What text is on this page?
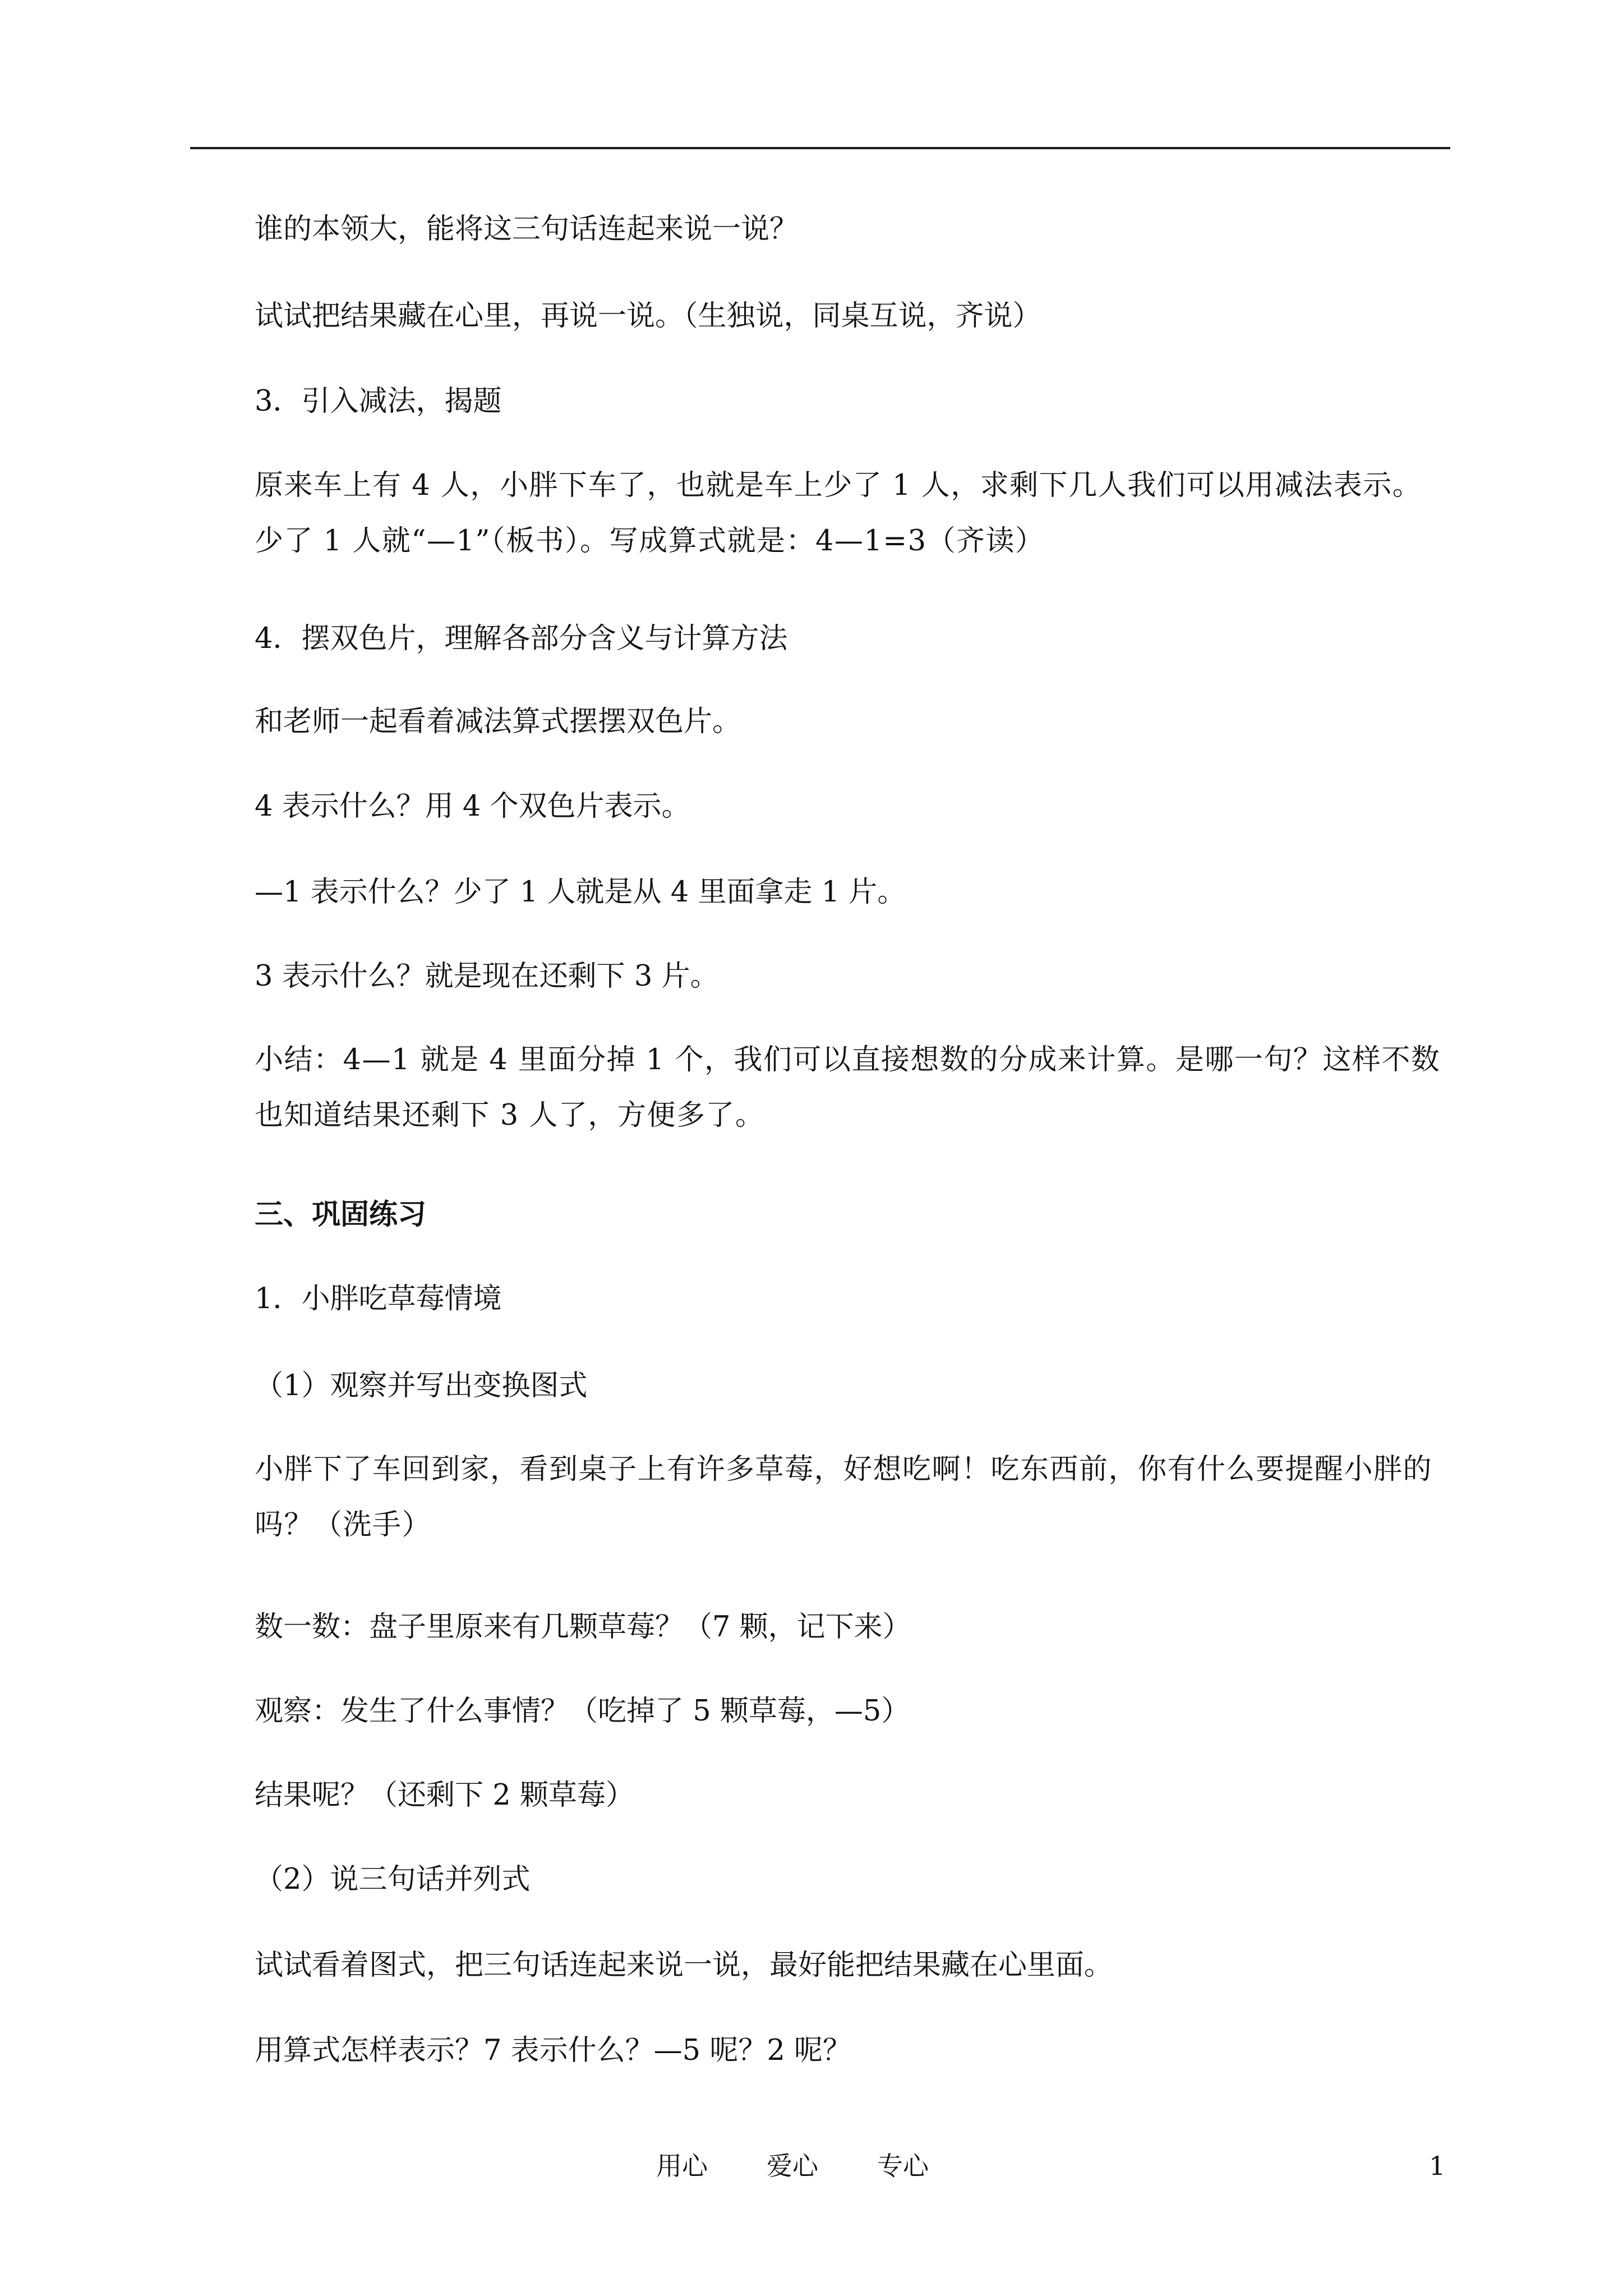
谁的本领大，能将这三句话连起来说一说？
试试把结果藏在心里，再说一说。（生独说，同桌互说，齐说）
3．引入减法，揭题
原来车上有 4 人，小胖下车了，也就是车上少了 1 人，求剩下几人我们可以用减法表示。少了 1 人就“—1”（板书）。写成算式就是：4—1=3（齐读）
4．摆双色片，理解各部分含义与计算方法
和老师一起看着减法算式摆摆双色片。
4 表示什么？用 4 个双色片表示。
—1 表示什么？少了 1 人就是从 4 里面拿走 1 片。
3 表示什么？就是现在还剩下 3 片。
小结：4—1 就是 4 里面分掉 1 个，我们可以直接想数的分成来计算。是哪一句？这样不数也知道结果还剩下 3 人了，方便多了。
三、巩固练习
1．小胖吃草莓情境
（1）观察并写出变换图式
小胖下了车回到家，看到桌子上有许多草莓，好想吃啊！吃东西前，你有什么要提醒小胖的吗？（洗手）
数一数：盘子里原来有几颗草莓？（7 颗，记下来）
观察：发生了什么事情？（吃掉了 5 颗草莓，—5）
结果呢？（还剩下 2 颗草莓）
（2）说三句话并列式
试试看着图式，把三句话连起来说一说，最好能把结果藏在心里面。
用算式怎样表示？7 表示什么？—5 呢？2 呢？
用心 爱心 专心	1
